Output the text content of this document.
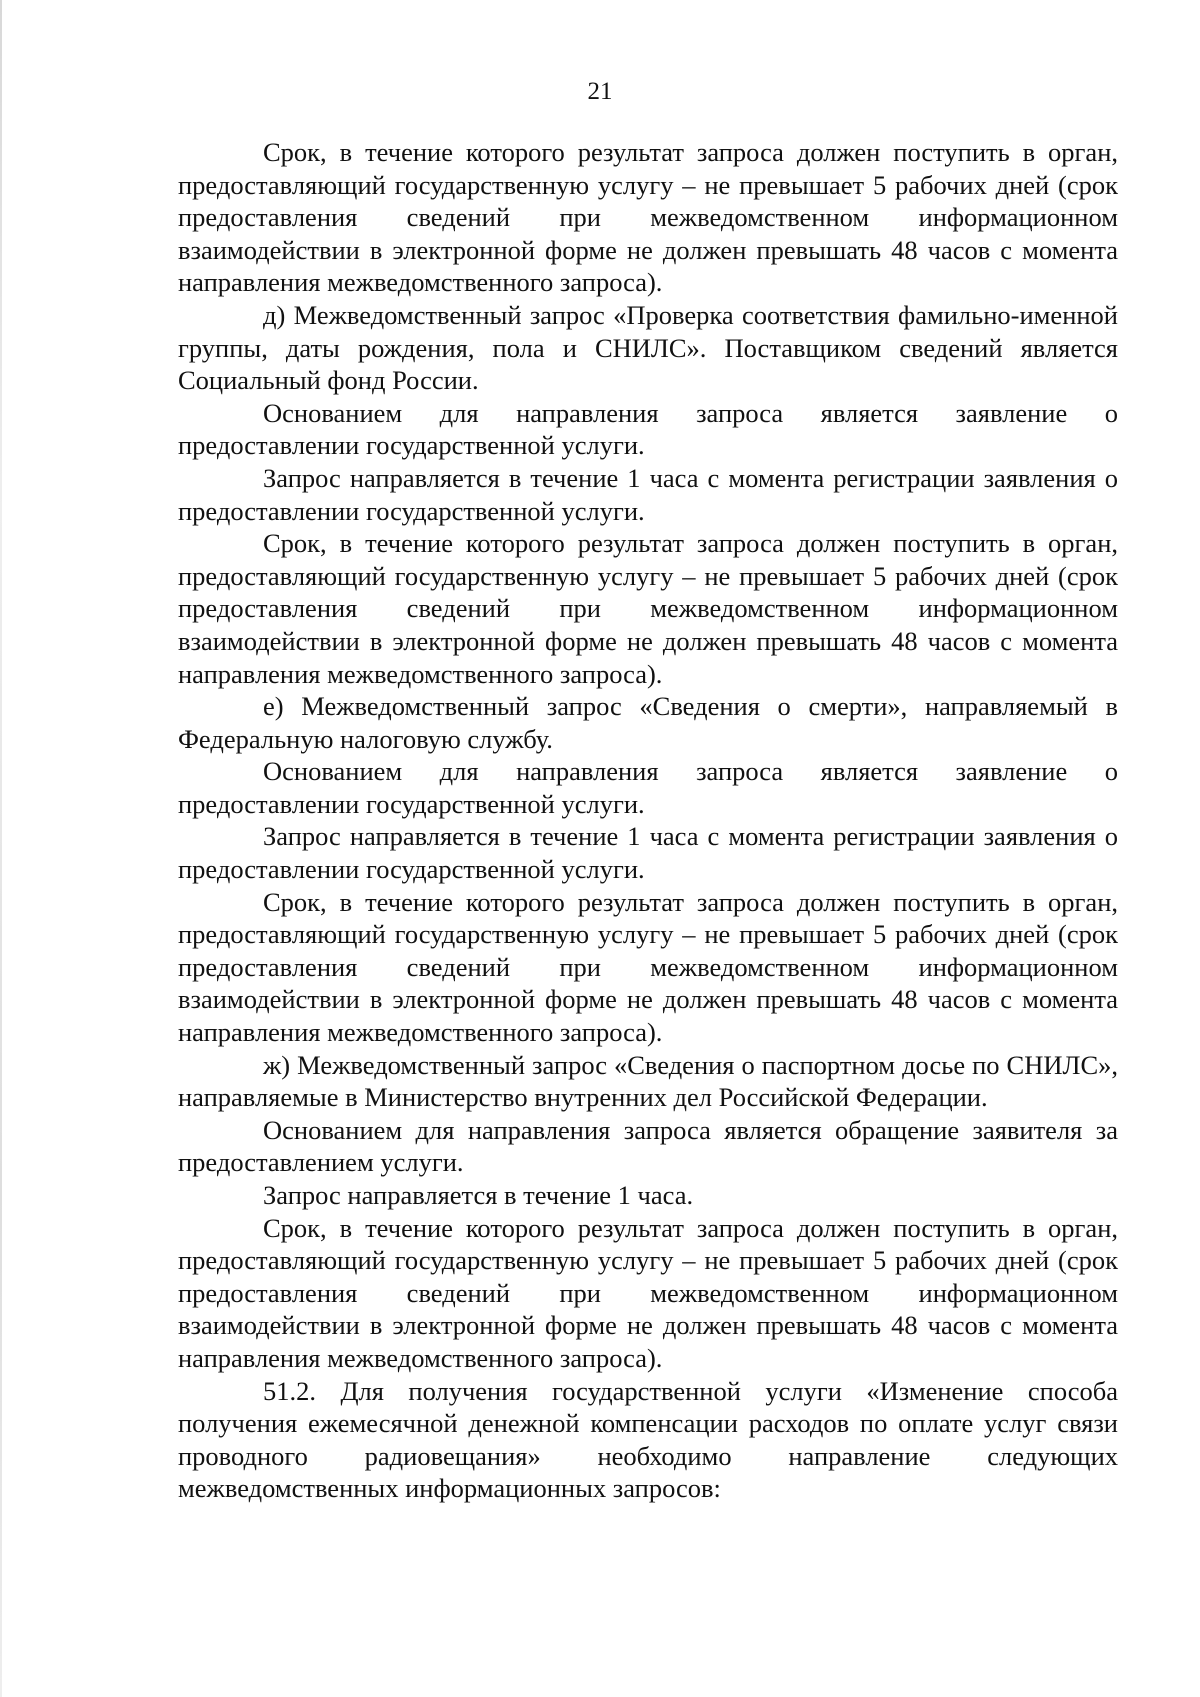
21

Срок, в течение которого результат запроса должен поступить в орган, предоставляющий государственную услугу – не превышает 5 рабочих дней (срок предоставления сведений при межведомственном информационном взаимодействии в электронной форме не должен превышать 48 часов с момента направления межведомственного запроса).

д) Межведомственный запрос «Проверка соответствия фамильно-именной группы, даты рождения, пола и СНИЛС». Поставщиком сведений является Социальный фонд России.

Основанием для направления запроса является заявление о предоставлении государственной услуги.

Запрос направляется в течение 1 часа с момента регистрации заявления о предоставлении государственной услуги.

Срок, в течение которого результат запроса должен поступить в орган, предоставляющий государственную услугу – не превышает 5 рабочих дней (срок предоставления сведений при межведомственном информационном взаимодействии в электронной форме не должен превышать 48 часов с момента направления межведомственного запроса).

е) Межведомственный запрос «Сведения о смерти», направляемый в Федеральную налоговую службу.

Основанием для направления запроса является заявление о предоставлении государственной услуги.

Запрос направляется в течение 1 часа с момента регистрации заявления о предоставлении государственной услуги.

Срок, в течение которого результат запроса должен поступить в орган, предоставляющий государственную услугу – не превышает 5 рабочих дней (срок предоставления сведений при межведомственном информационном взаимодействии в электронной форме не должен превышать 48 часов с момента направления межведомственного запроса).

ж) Межведомственный запрос «Сведения о паспортном досье по СНИЛС», направляемые в Министерство внутренних дел Российской Федерации.

Основанием для направления запроса является обращение заявителя за предоставлением услуги.

Запрос направляется в течение 1 часа.

Срок, в течение которого результат запроса должен поступить в орган, предоставляющий государственную услугу – не превышает 5 рабочих дней (срок предоставления сведений при межведомственном информационном взаимодействии в электронной форме не должен превышать 48 часов с момента направления межведомственного запроса).

51.2. Для получения государственной услуги «Изменение способа получения ежемесячной денежной компенсации расходов по оплате услуг связи проводного радиовещания» необходимо направление следующих межведомственных информационных запросов:
